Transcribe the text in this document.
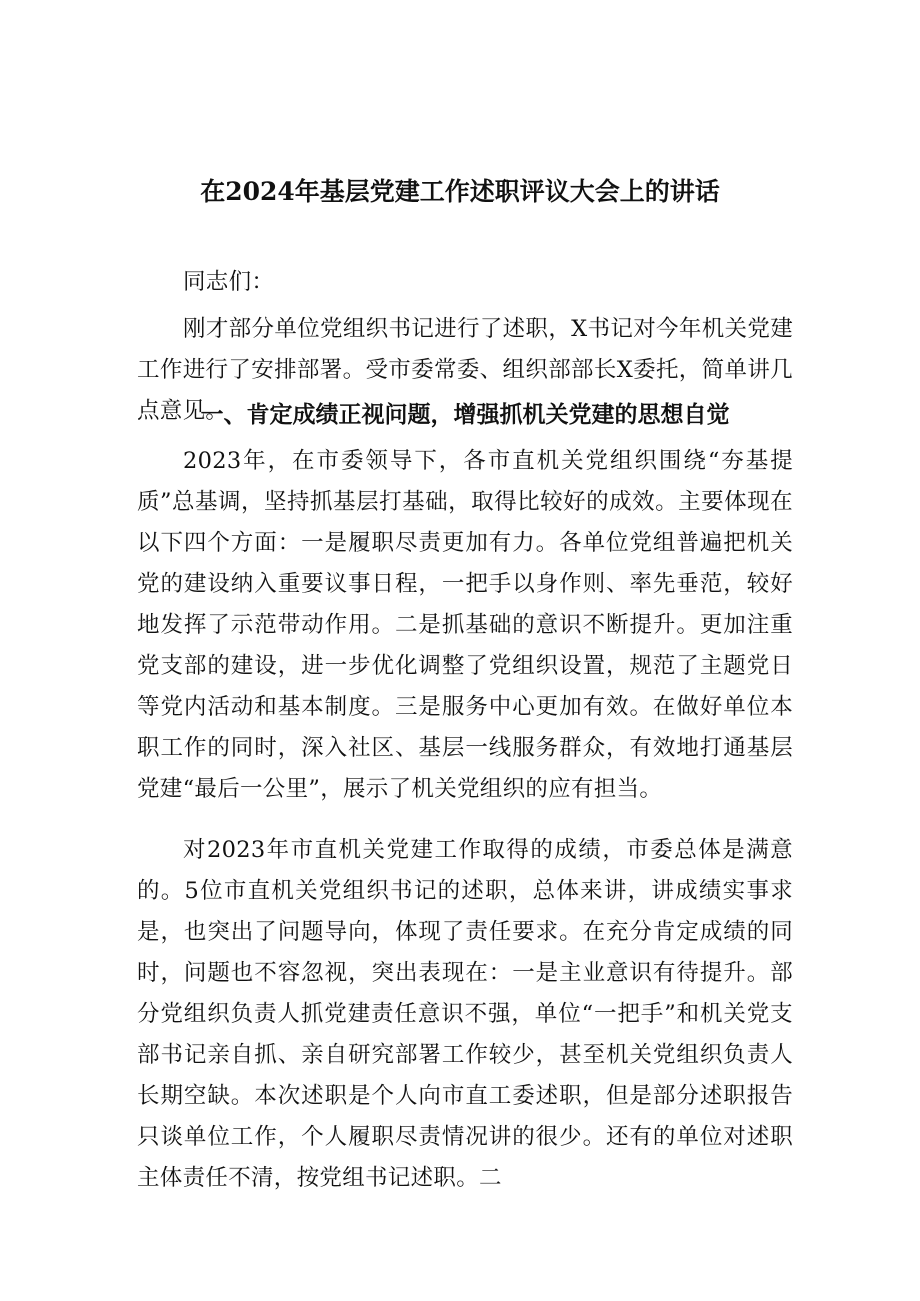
在2024年基层党建工作述职评议大会上的讲话
同志们：
刚才部分单位党组织书记进行了述职，X书记对今年机关党建工作进行了安排部署。受市委常委、组织部部长X委托，简单讲几点意见。
一、肯定成绩正视问题，增强抓机关党建的思想自觉
2023年，在市委领导下，各市直机关党组织围绕“夯基提质”总基调，坚持抓基层打基础，取得比较好的成效。主要体现在以下四个方面：一是履职尽责更加有力。各单位党组普遍把机关党的建设纳入重要议事日程，一把手以身作则、率先垂范，较好地发挥了示范带动作用。二是抓基础的意识不断提升。更加注重党支部的建设，进一步优化调整了党组织设置，规范了主题党日等党内活动和基本制度。三是服务中心更加有效。在做好单位本职工作的同时，深入社区、基层一线服务群众，有效地打通基层党建“最后一公里”，展示了机关党组织的应有担当。
对2023年市直机关党建工作取得的成绩，市委总体是满意的。5位市直机关党组织书记的述职，总体来讲，讲成绩实事求是，也突出了问题导向，体现了责任要求。在充分肯定成绩的同时，问题也不容忽视，突出表现在：一是主业意识有待提升。部分党组织负责人抓党建责任意识不强，单位“一把手”和机关党支部书记亲自抓、亲自研究部署工作较少，甚至机关党组织负责人长期空缺。本次述职是个人向市直工委述职，但是部分述职报告只谈单位工作，个人履职尽责情况讲的很少。还有的单位对述职主体责任不清，按党组书记述职。二
